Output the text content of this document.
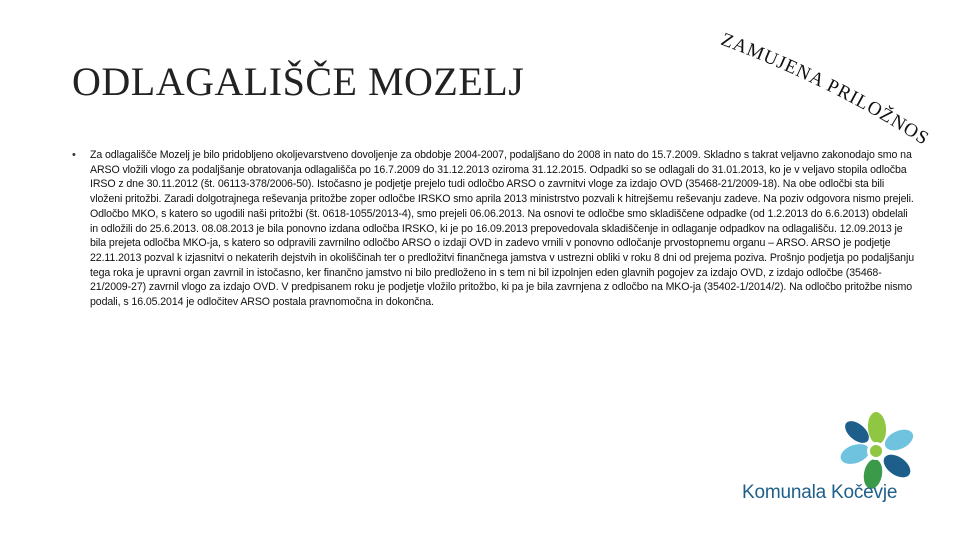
ODLAGALIŠČE MOZELJ
ZAMUJENA PRILOŽNOST
•	Za odlagališče Mozelj je bilo pridobljeno okoljevarstveno dovoljenje za obdobje 2004-2007, podaljšano do 2008 in nato do 15.7.2009. Skladno s takrat veljavno zakonodajo smo na ARSO vložili vlogo za podaljšanje obratovanja odlagališča po 16.7.2009 do 31.12.2013 oziroma 31.12.2015. Odpadki so se odlagali do 31.01.2013, ko je v veljavo stopila odločba IRSO z dne 30.11.2012 (št. 06113-378/2006-50). Istočasno je podjetje prejelo tudi odločbo ARSO o zavrnitvi vloge za izdajo OVD (35468-21/2009-18). Na obe odločbi sta bili vloženi pritožbi. Zaradi dolgotrajnega reševanja pritožbe zoper odločbe IRSKO smo aprila 2013 ministrstvo pozvali k hitrejšemu reševanju zadeve. Na poziv odgovora nismo prejeli. Odločbo MKO, s katero so ugodili naši pritožbi (št. 0618-1055/2013-4), smo prejeli 06.06.2013. Na osnovi te odločbe smo skladiščene odpadke (od 1.2.2013 do 6.6.2013) obdelali in odložili do 25.6.2013. 08.08.2013 je bila ponovno izdana odločba IRSKO, ki je po 16.09.2013 prepovedovala skladiščenje in odlaganje odpadkov na odlagališču. 12.09.2013 je bila prejeta odločba MKO-ja, s katero so odpravili zavrnilno odločbo ARSO o izdaji OVD in zadevo vrnili v ponovno odločanje prvostopnemu organu – ARSO. ARSO je podjetje 22.11.2013 pozval k izjasnitvi o nekaterih dejstvih in okoliščinah ter o predložitvi finančnega jamstva v ustrezni obliki v roku 8 dni od prejema poziva. Prošnjo podjetja po podaljšanju tega roka je upravni organ zavrnil in istočasno, ker finančno jamstvo ni bilo predloženo in s tem ni bil izpolnjen eden glavnih pogojev za izdajo OVD, z izdajo odločbe (35468-21/2009-27) zavrnil vlogo za izdajo OVD. V predpisanem roku je podjetje vložilo pritožbo, ki pa je bila zavrnjena z odločbo na MKO-ja (35402-1/2014/2). Na odločbo pritožbe nismo podali, s 16.05.2014 je odločitev ARSO postala pravnomočna in dokončna.

Komunala Kočevje
